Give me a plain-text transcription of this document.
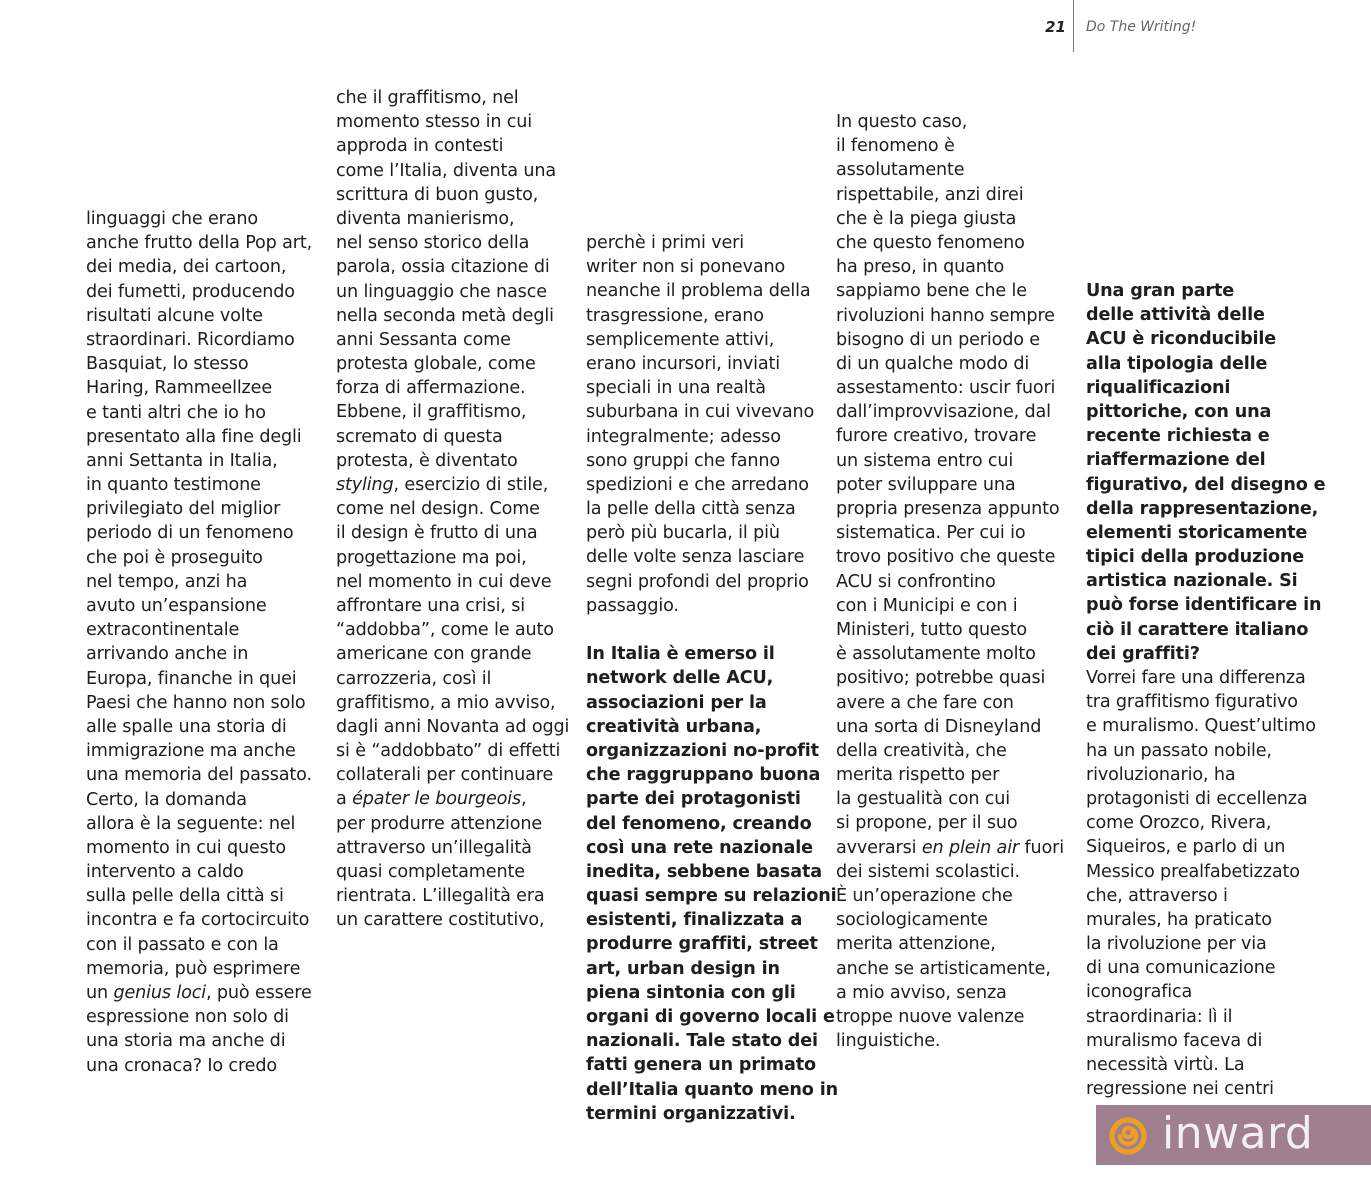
21 Do The Writing!
linguaggi che erano
anche frutto della Pop art,
dei media, dei cartoon,
dei fumetti, producendo
risultati alcune volte
straordinari. Ricordiamo
Basquiat, lo stesso
Haring, Rammeellzee
e tanti altri che io ho
presentato alla fine degli
anni Settanta in Italia,
in quanto testimone
privilegiato del miglior
periodo di un fenomeno
che poi è proseguito
nel tempo, anzi ha
avuto un’espansione
extracontinentale
arrivando anche in
Europa, finanche in quei
Paesi che hanno non solo
alle spalle una storia di
immigrazione ma anche
una memoria del passato.
Certo, la domanda
allora è la seguente: nel
momento in cui questo
intervento a caldo
sulla pelle della città si
incontra e fa cortocircuito
con il passato e con la
memoria, può esprimere
un genius loci, può essere
espressione non solo di
una storia ma anche di
una cronaca? Io credo
che il graffitismo, nel
momento stesso in cui
approda in contesti
come l’Italia, diventa una
scrittura di buon gusto,
diventa manierismo,
nel senso storico della
parola, ossia citazione di
un linguaggio che nasce
nella seconda metà degli
anni Sessanta come
protesta globale, come
forza di affermazione.
Ebbene, il graffitismo,
scremato di questa
protesta, è diventato
styling, esercizio di stile,
come nel design. Come
il design è frutto di una
progettazione ma poi,
nel momento in cui deve
affrontare una crisi, si
“addobba”, come le auto
americane con grande
carrozzeria, così il
graffitismo, a mio avviso,
dagli anni Novanta ad oggi
si è “addobbato” di effetti
collaterali per continuare
a épater le bourgeois,
per produrre attenzione
attraverso un’illegalità
quasi completamente
rientrata. L’illegalità era
un carattere costitutivo,
perchè i primi veri
writer non si ponevano
neanche il problema della
trasgressione, erano
semplicemente attivi,
erano incursori, inviati
speciali in una realtà
suburbana in cui vivevano
integralmente; adesso
sono gruppi che fanno
spedizioni e che arredano
la pelle della città senza
però più bucarla, il più
delle volte senza lasciare
segni profondi del proprio
passaggio.
In Italia è emerso il
network delle ACU,
associazioni per la
creatività urbana,
organizzazioni no-profit
che raggruppano buona
parte dei protagonisti
del fenomeno, creando
così una rete nazionale
inedita, sebbene basata
quasi sempre su relazioni
esistenti, finalizzata a
produrre graffiti, street
art, urban design in
piena sintonia con gli
organi di governo locali e
nazionali. Tale stato dei
fatti genera un primato
dell’Italia quanto meno in
termini organizzativi.
In questo caso,
il fenomeno è
assolutamente
rispettabile, anzi direi
che è la piega giusta
che questo fenomeno
ha preso, in quanto
sappiamo bene che le
rivoluzioni hanno sempre
bisogno di un periodo e
di un qualche modo di
assestamento: uscir fuori
dall’improvvisazione, dal
furore creativo, trovare
un sistema entro cui
poter sviluppare una
propria presenza appunto
sistematica. Per cui io
trovo positivo che queste
ACU si confrontino
con i Municipi e con i
Ministeri, tutto questo
è assolutamente molto
positivo; potrebbe quasi
avere a che fare con
una sorta di Disneyland
della creatività, che
merita rispetto per
la gestualità con cui
si propone, per il suo
avverarsi en plein air fuori
dei sistemi scolastici.
È un’operazione che
sociologicamente
merita attenzione,
anche se artisticamente,
a mio avviso, senza
troppe nuove valenze
linguistiche.
Una gran parte
delle attività delle
ACU è riconducibile
alla tipologia delle
riqualificazioni
pittoriche, con una
recente richiesta e
riaffermazione del
figurativo, del disegno e
della rappresentazione,
elementi storicamente
tipici della produzione
artistica nazionale. Si
può forse identificare in
ciò il carattere italiano
dei graffiti?
Vorrei fare una differenza
tra graffitismo figurativo
e muralismo. Quest’ultimo
ha un passato nobile,
rivoluzionario, ha
protagonisti di eccellenza
come Orozco, Rivera,
Siqueiros, e parlo di un
Messico prealfabetizzato
che, attraverso i
murales, ha praticato
la rivoluzione per via
di una comunicazione
iconografica
straordinaria: lì il
muralismo faceva di
necessità virtù. La
regressione nei centri
inward
